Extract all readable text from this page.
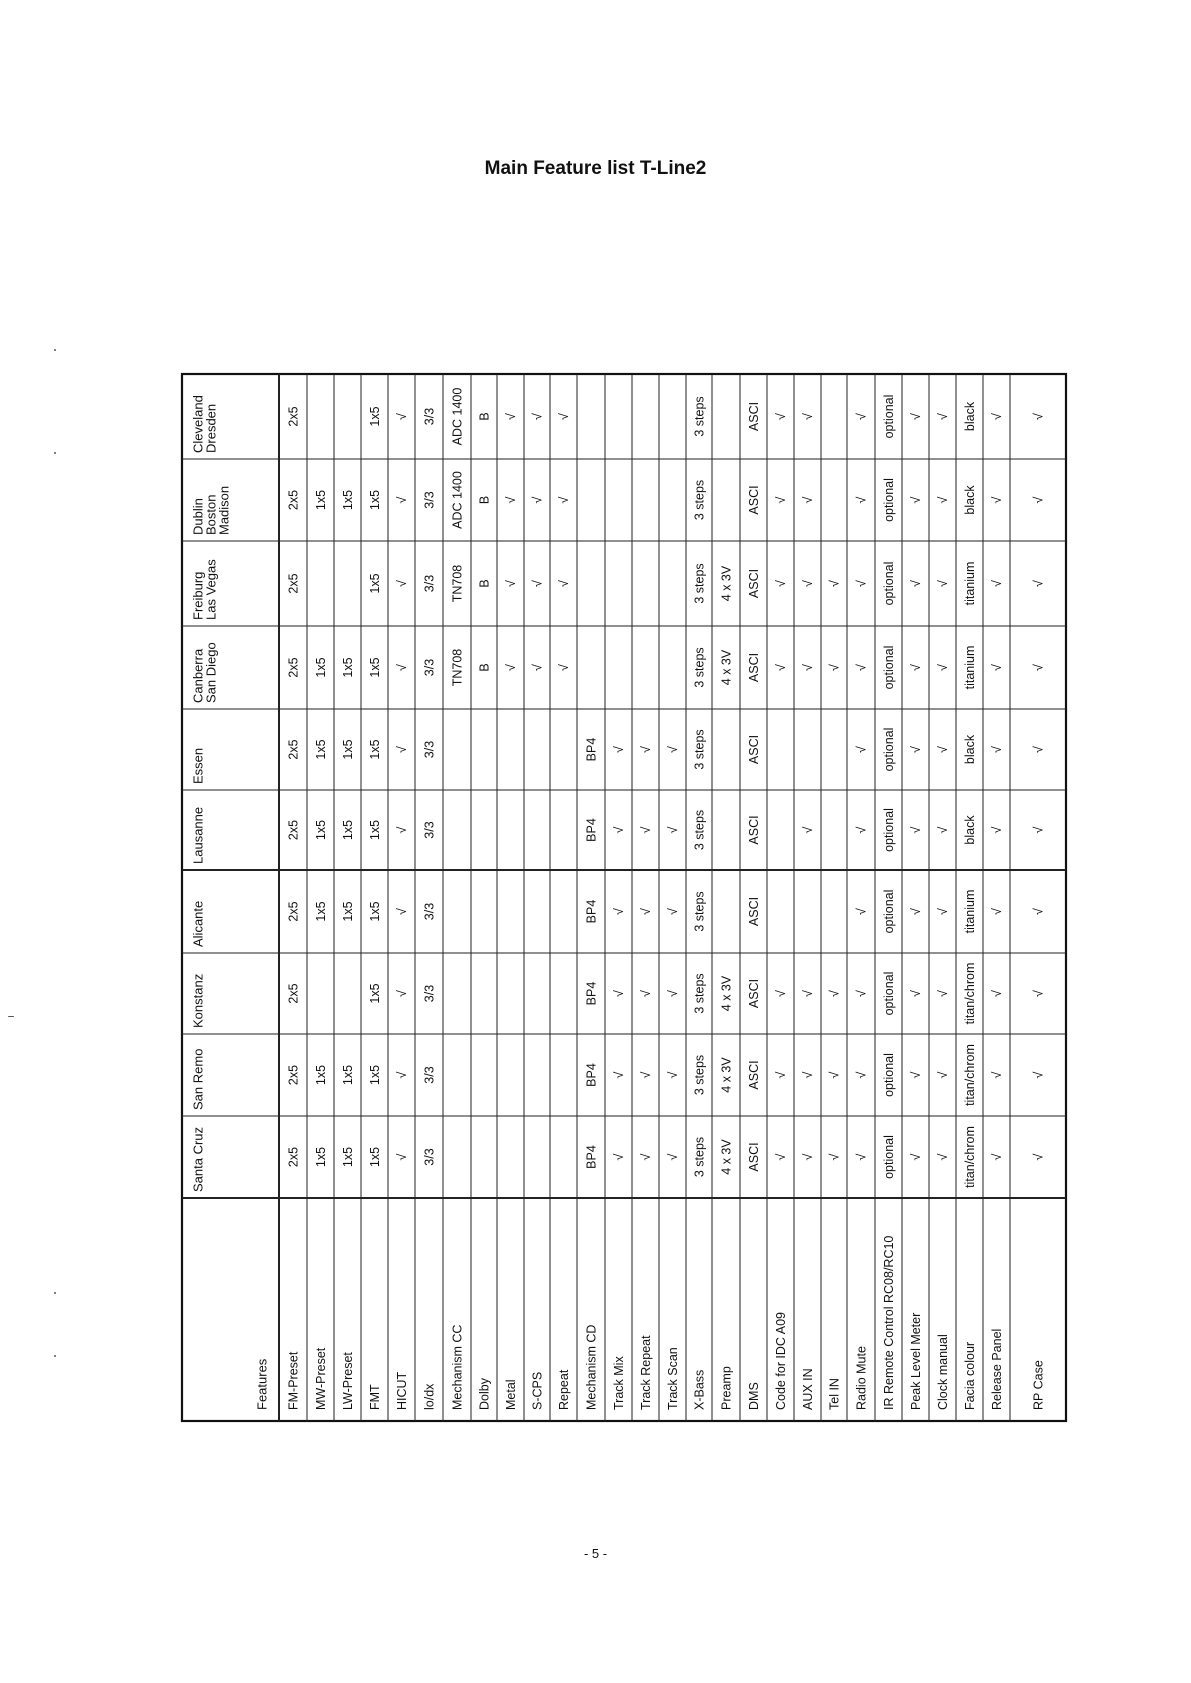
Main Feature list T-Line2
Cleveland
Dresden
Dublin
Boston
Madison
Freiburg
Las Vegas
Canberra
San Diego
Essen
Lausanne
Alicante
Konstanz
San Remo
Santa Cruz
Features FM-Preset
2x5
2x5
2x5
2x5
2x5
2x5
2x5
2x5
2x5
2x5
MW-Preset
1x5
1x5
1x5
1x5
1x5
1x5
1x5
LW-Preset
1x5
1x5
1x5
1x5
1x5
1x5
1x5
FMT
1x5
1x5
1x5
1x5
1x5
1x5
1x5
1x5
1x5
1x5
HICUT
√
√
√
√
√
√
√
√
√
√
lo/dx
3/3
3/3
3/3
3/3
3/3
3/3
3/3
3/3
3/3
3/3
Mechanism CC
ADC 1400
ADC 1400
TN708
TN708
Dolby
B
B
B
B
Metal
√
√
√
√
S-CPS
√
√
√
√
Repeat
√
√
√
√
Mechanism CD
BP4
BP4
BP4
BP4
BP4
BP4
Track Mix
√
√
√
√
√
√
Track Repeat
√
√
√
√
√
√
Track Scan
√
√
√
√
√
√
X-Bass
3 steps
3 steps
3 steps
3 steps
3 steps
3 steps
3 steps
3 steps
3 steps
3 steps
Preamp
4 x 3V
4 x 3V
4 x 3V
4 x 3V
4 x 3V
DMS
ASCI
ASCI
ASCI
ASCI
ASCI
ASCI
ASCI
ASCI
ASCI
ASCI
Code for IDC A09
√
√
√
√
√
√
√
AUX IN
√
√
√
√
√
√
√
√
Tel IN
√
√
√
√
√
Radio Mute
√
√
√
√
√
√
√
√
√
√
IR Remote Control RC08/RC10
optional
optional
optional
optional
optional
optional
optional
optional
optional
optional
Peak Level Meter
√
√
√
√
√
√
√
√
√
√
Clock manual
√
√
√
√
√
√
√
√
√
√
Facia colour
black
black
titanium
titanium
black
black
titanium
titan/chrom
titan/chrom
titan/chrom
Release Panel
√
√
√
√
√
√
√
√
√
√
RP Case
√
√
√
√
√
√
√
√
√
√
- 5 -
